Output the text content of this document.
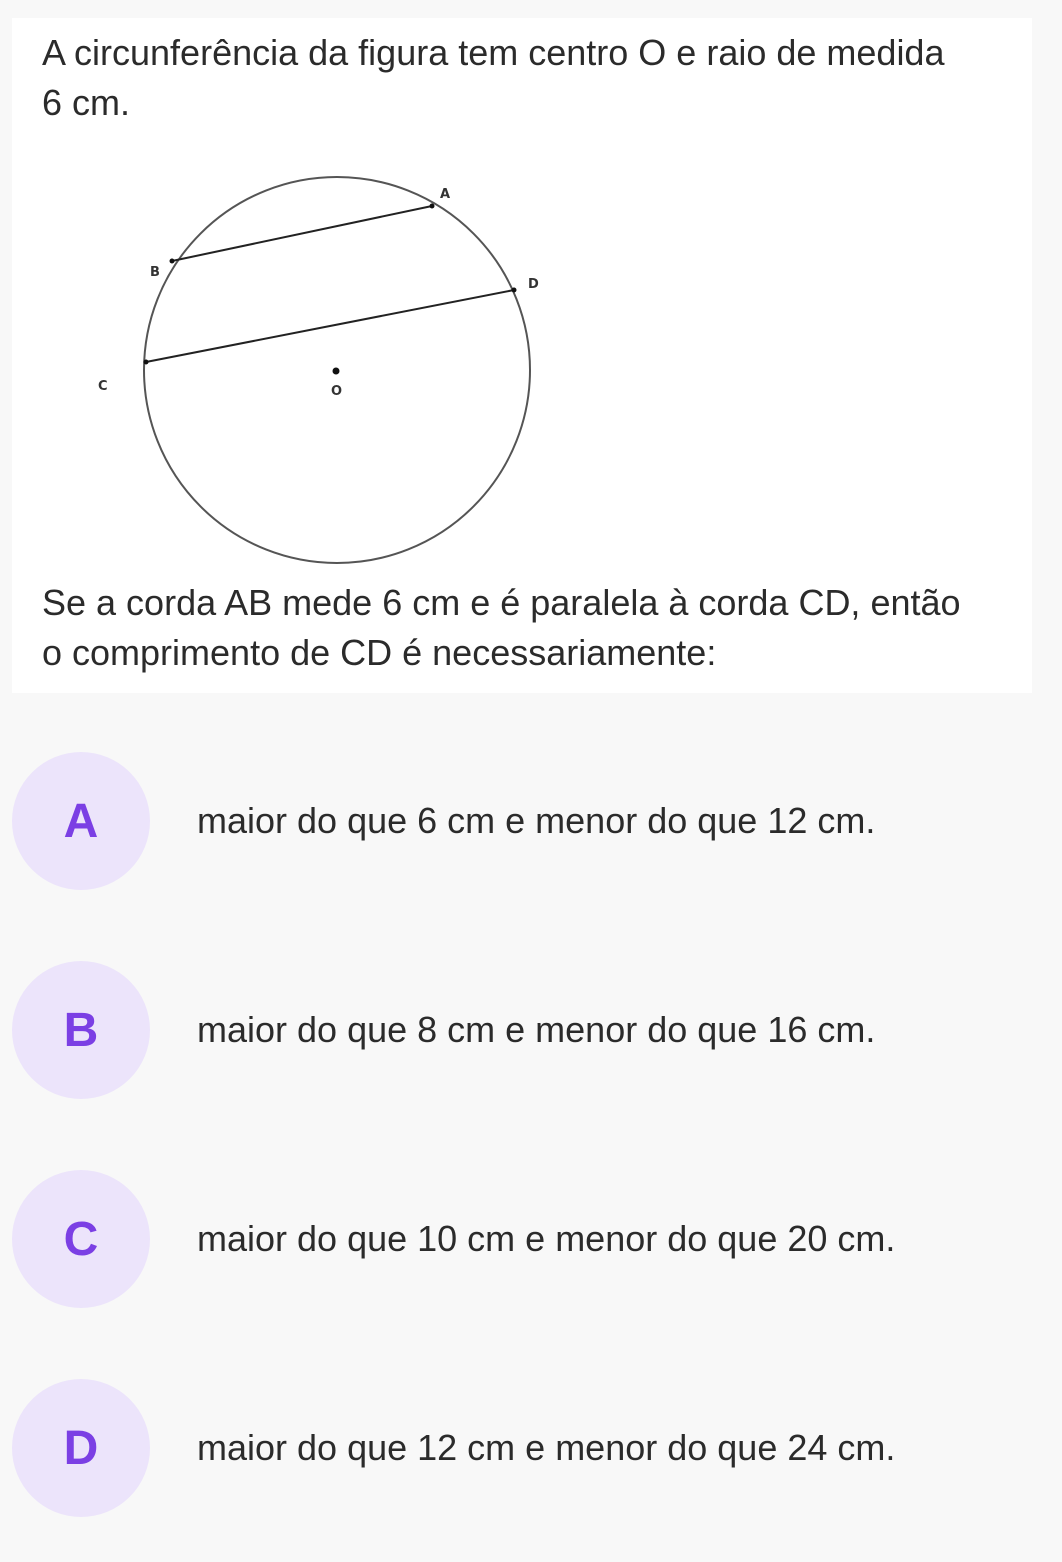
A circunferência da figura tem centro O e raio de medida
6 cm.

A
B
C
D
O

Se a corda AB mede 6 cm e é paralela à corda CD, então
o comprimento de CD é necessariamente:

A	maior do que 6 cm e menor do que 12 cm.
B	maior do que 8 cm e menor do que 16 cm.
C	maior do que 10 cm e menor do que 20 cm.
D	maior do que 12 cm e menor do que 24 cm.
